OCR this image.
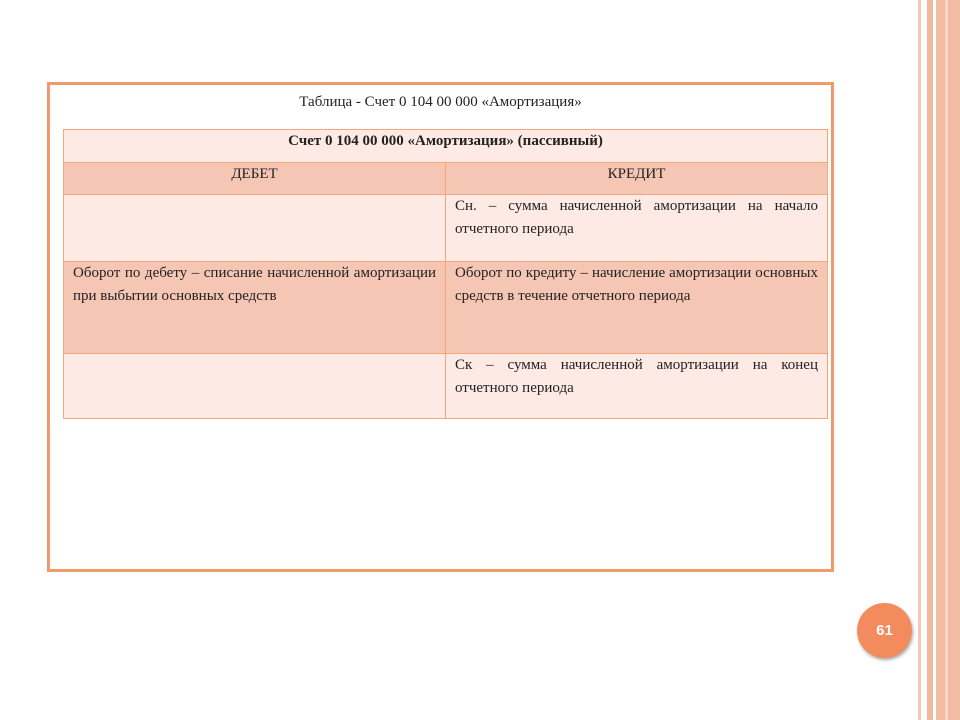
Таблица - Счет 0 104 00 000 «Амортизация»
Счет 0 104 00 000 «Амортизация» (пассивный)	
ДЕБЕТ	КРЕДИТ
	Сн. – сумма начисленной амортизации на начало отчетного периода
Оборот по дебету – списание начисленной амортизации при выбытии основных средств	Оборот по кредиту – начисление амортизации основных средств в течение отчетного периода
	Ск – сумма начисленной амортизации на конец отчетного периода
61
